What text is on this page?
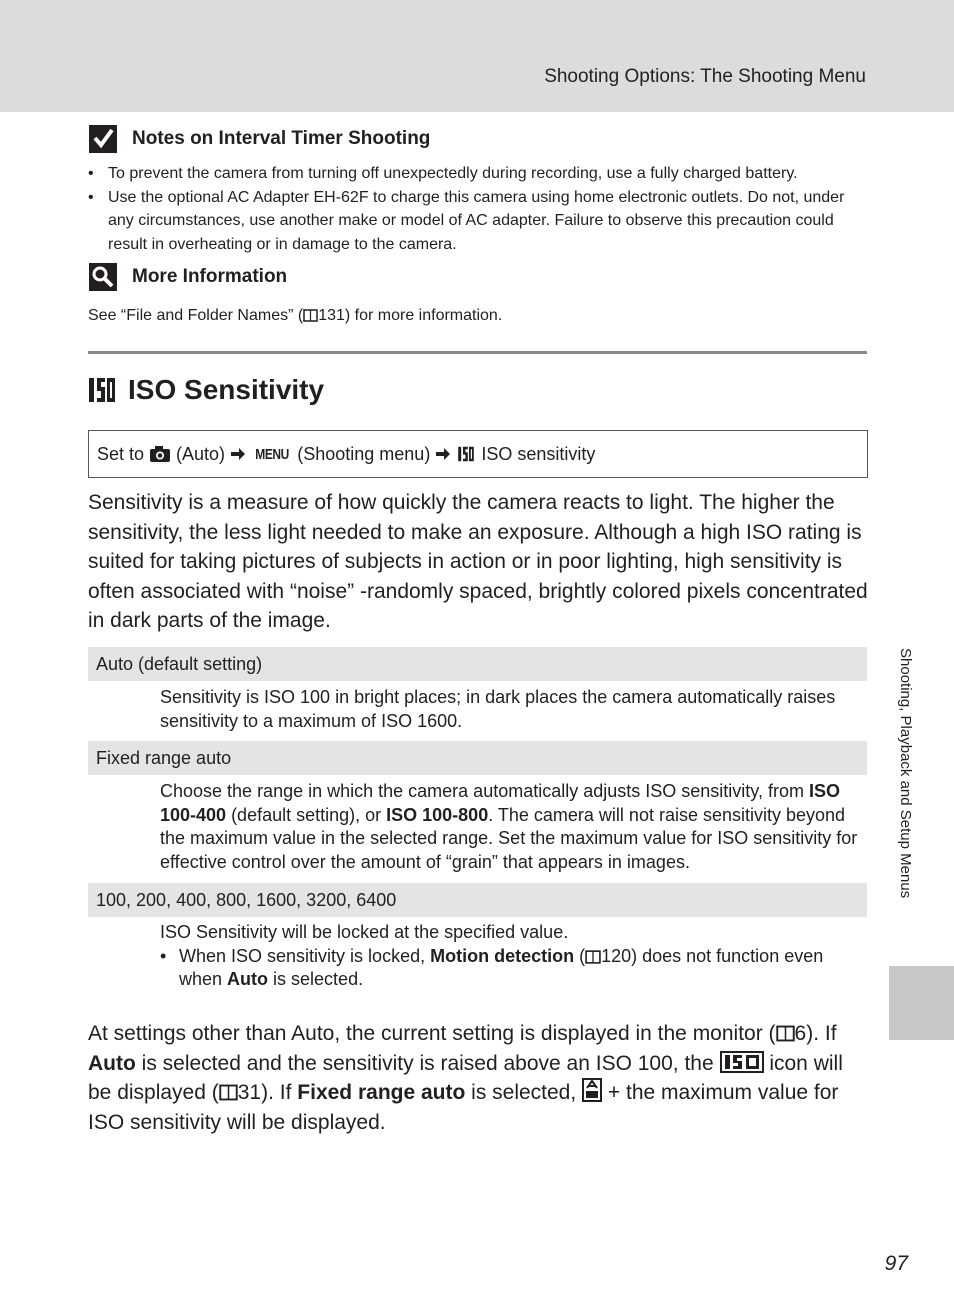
Shooting Options: The Shooting Menu
Notes on Interval Timer Shooting
• To prevent the camera from turning off unexpectedly during recording, use a fully charged battery.
• Use the optional AC Adapter EH-62F to charge this camera using home electronic outlets. Do not, under any circumstances, use another make or model of AC adapter. Failure to observe this precaution could result in overheating or in damage to the camera.
More Information
See “File and Folder Names” ( 131) for more information.
ISO Sensitivity
Set to (Auto) MENU (Shooting menu)	ISO sensitivity
Sensitivity is a measure of how quickly the camera reacts to light. The higher the sensitivity, the less light needed to make an exposure. Although a high ISO rating is suited for taking pictures of subjects in action or in poor lighting, high sensitivity is often associated with “noise” -randomly spaced, brightly colored pixels concentrated in dark parts of the image.
Auto (default setting)
Sensitivity is ISO 100 in bright places; in dark places the camera automatically raises sensitivity to a maximum of ISO 1600.
Fixed range auto
Choose the range in which the camera automatically adjusts ISO sensitivity, from ISO 100-400 (default setting), or ISO 100-800. The camera will not raise sensitivity beyond the maximum value in the selected range. Set the maximum value for ISO sensitivity for effective control over the amount of “grain” that appears in images.
100, 200, 400, 800, 1600, 3200, 6400
ISO Sensitivity will be locked at the specified value.
• When ISO sensitivity is locked, Motion detection ( 120) does not function even when Auto is selected.
At settings other than Auto, the current setting is displayed in the monitor ( 6). If Auto is selected and the sensitivity is raised above an ISO 100, the  icon will be displayed ( 31). If Fixed range auto is selected,  + the maximum value for ISO sensitivity will be displayed.
Shooting, Playback and Setup Menus
97
